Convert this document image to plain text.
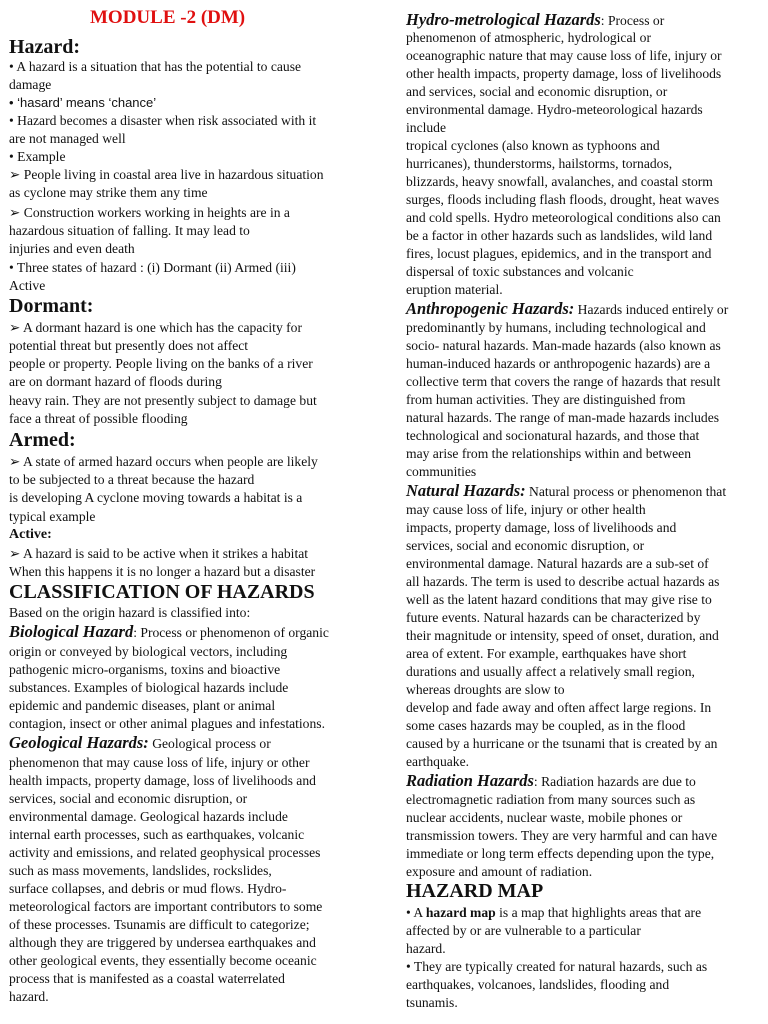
MODULE -2 (DM)
Hazard:
• A hazard is a situation that has the potential to cause
damage
• ‘hasard’ means ‘chance’
• Hazard becomes a disaster when risk associated with it
are not managed well
• Example
➢ People living in coastal area live in hazardous situation
as cyclone may strike them any time
➢ Construction workers working in heights are in a
hazardous situation of falling. It may lead to
injuries and even death
• Three states of hazard : (i) Dormant (ii) Armed (iii)
Active
Dormant:
➢ A dormant hazard is one which has the capacity for
potential threat but presently does not affect
people or property. People living on the banks of a river
are on dormant hazard of floods during
heavy rain. They are not presently subject to damage but
face a threat of possible flooding
Armed:
➢ A state of armed hazard occurs when people are likely
to be subjected to a threat because the hazard
is developing A cyclone moving towards a habitat is a
typical example
Active:
➢ A hazard is said to be active when it strikes a habitat
When this happens it is no longer a hazard but a disaster
CLASSIFICATION OF HAZARDS
Based on the origin hazard is classified into:
Biological Hazard: Process or phenomenon of organic
origin or conveyed by biological vectors, including
pathogenic micro-organisms, toxins and bioactive
substances. Examples of biological hazards include
epidemic and pandemic diseases, plant or animal
contagion, insect or other animal plagues and infestations.
Geological Hazards: Geological process or
phenomenon that may cause loss of life, injury or other
health impacts, property damage, loss of livelihoods and
services, social and economic disruption, or
environmental damage. Geological hazards include
internal earth processes, such as earthquakes, volcanic
activity and emissions, and related geophysical processes
such as mass movements, landslides, rockslides,
surface collapses, and debris or mud flows. Hydro-
meteorological factors are important contributors to some
of these processes. Tsunamis are difficult to categorize;
although they are triggered by undersea earthquakes and
other geological events, they essentially become oceanic
process that is manifested as a coastal waterrelated
hazard.
Hydro-metrological Hazards: Process or
phenomenon of atmospheric, hydrological or
oceanographic nature that may cause loss of life, injury or
other health impacts, property damage, loss of livelihoods
and services, social and economic disruption, or
environmental damage. Hydro-meteorological hazards
include
tropical cyclones (also known as typhoons and
hurricanes), thunderstorms, hailstorms, tornados,
blizzards, heavy snowfall, avalanches, and coastal storm
surges, floods including flash floods, drought, heat waves
and cold spells. Hydro meteorological conditions also can
be a factor in other hazards such as landslides, wild land
fires, locust plagues, epidemics, and in the transport and
dispersal of toxic substances and volcanic
eruption material.
Anthropogenic Hazards: Hazards induced entirely or
predominantly by humans, including technological and
socio- natural hazards. Man-made hazards (also known as
human-induced hazards or anthropogenic hazards) are a
collective term that covers the range of hazards that result
from human activities. They are distinguished from
natural hazards. The range of man-made hazards includes
technological and socionatural hazards, and those that
may arise from the relationships within and between
communities
Natural Hazards: Natural process or phenomenon that
may cause loss of life, injury or other health
impacts, property damage, loss of livelihoods and
services, social and economic disruption, or
environmental damage. Natural hazards are a sub-set of
all hazards. The term is used to describe actual hazards as
well as the latent hazard conditions that may give rise to
future events. Natural hazards can be characterized by
their magnitude or intensity, speed of onset, duration, and
area of extent. For example, earthquakes have short
durations and usually affect a relatively small region,
whereas droughts are slow to
develop and fade away and often affect large regions. In
some cases hazards may be coupled, as in the flood
caused by a hurricane or the tsunami that is created by an
earthquake.
Radiation Hazards: Radiation hazards are due to
electromagnetic radiation from many sources such as
nuclear accidents, nuclear waste, mobile phones or
transmission towers. They are very harmful and can have
immediate or long term effects depending upon the type,
exposure and amount of radiation.
HAZARD MAP
• A hazard map is a map that highlights areas that are
affected by or are vulnerable to a particular
hazard.
• They are typically created for natural hazards, such as
earthquakes, volcanoes, landslides, flooding and
tsunamis.
